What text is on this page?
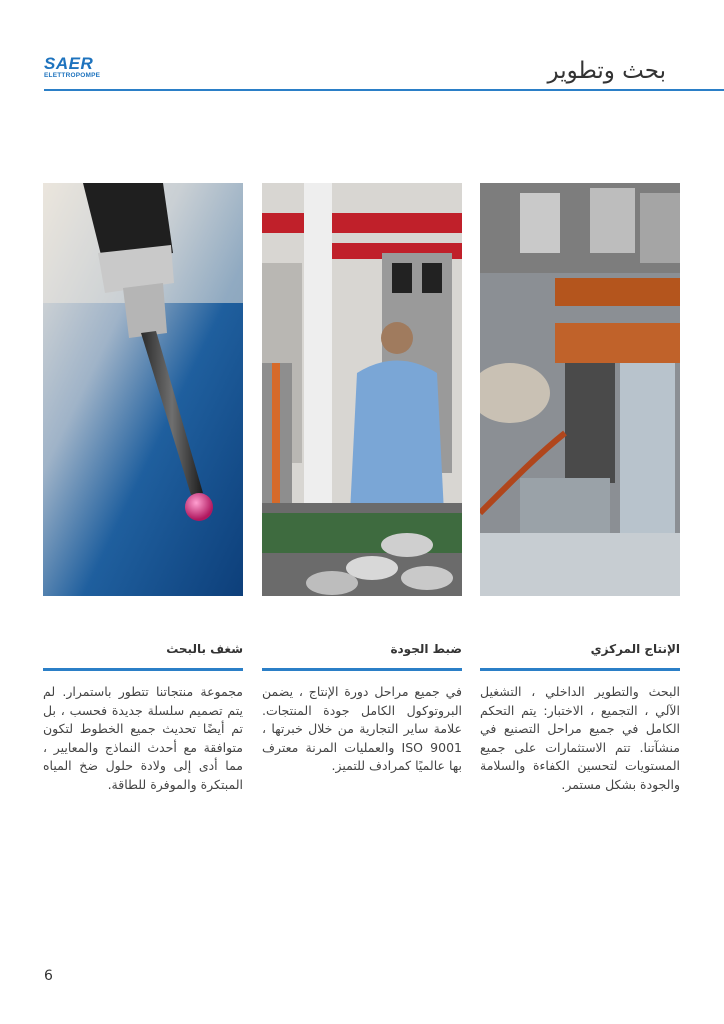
SAER
ELETTROPOMPE	بحث وتطوير
شغف بالبحث
مجموعة منتجاتنا تتطور باستمرار. لم يتم تصميم سلسلة جديدة فحسب ، بل تم أيضًا تحديث جميع الخطوط لتكون متوافقة مع أحدث النماذج والمعايير ، مما أدى إلى ولادة حلول ضخ المياه المبتكرة والموفرة للطاقة.
ضبط الجودة
في جميع مراحل دورة الإنتاج ، يضمن البروتوكول الكامل جودة المنتجات. علامة ساير التجارية من خلال خبرتها ، ISO 9001 والعمليات المرنة معترف بها عالميًا كمرادف للتميز.
الإنتاج المركزي
البحث والتطوير الداخلي ، التشغيل الآلي ، التجميع ، الاختبار: يتم التحكم الكامل في جميع مراحل التصنيع في منشآتنا. تتم الاستثمارات على جميع المستويات لتحسين الكفاءة والسلامة والجودة بشكل مستمر.
6
